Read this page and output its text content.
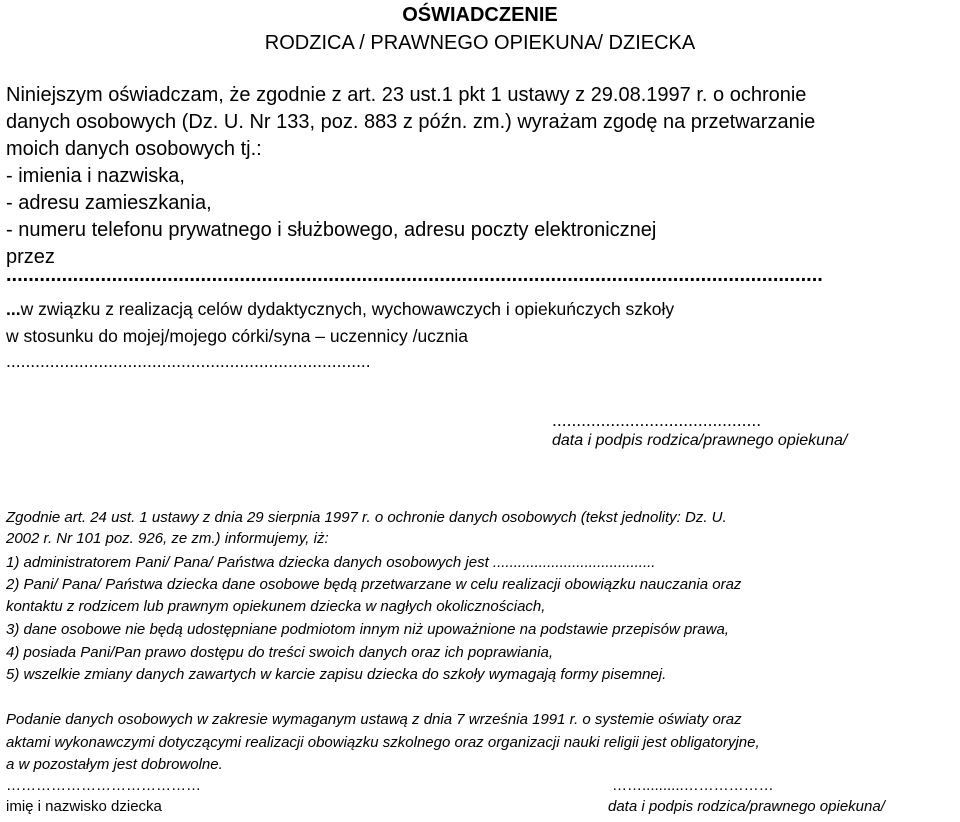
OŚWIADCZENIE
RODZICA / PRAWNEGO OPIEKUNA/ DZIECKA
Niniejszym oświadczam, że zgodnie z art. 23 ust.1 pkt 1 ustawy z 29.08.1997 r. o ochronie
danych osobowych (Dz. U. Nr 133, poz. 883 z późn. zm.) wyrażam zgodę na przetwarzanie
moich danych osobowych tj.:
- imienia i nazwiska,
- adresu zamieszkania,
- numeru telefonu prywatnego i służbowego, adresu poczty elektronicznej
przez
...................................................................................................................................................
...w związku z realizacją celów dydaktycznych, wychowawczych i opiekuńczych szkoły
w stosunku do mojej/mojego córki/syna – uczennicy /ucznia
...........................................................................
...........................................
data i podpis rodzica/prawnego opiekuna/
Zgodnie art. 24 ust. 1 ustawy z dnia 29 sierpnia 1997 r. o ochronie danych osobowych (tekst jednolity: Dz. U.
2002 r. Nr 101 poz. 926, ze zm.) informujemy, iż:
1) administratorem Pani/ Pana/ Państwa dziecka danych osobowych jest .......................................
2) Pani/ Pana/ Państwa dziecka dane osobowe będą przetwarzane w celu realizacji obowiązku nauczania oraz
kontaktu z rodzicem lub prawnym opiekunem dziecka w nagłych okolicznościach,
3) dane osobowe nie będą udostępniane podmiotom innym niż upoważnione na podstawie przepisów prawa,
4) posiada Pani/Pan prawo dostępu do treści swoich danych oraz ich poprawiania,
5) wszelkie zmiany danych zawartych w karcie zapisu dziecka do szkoły wymagają formy pisemnej.
Podanie danych osobowych w zakresie wymaganym ustawą z dnia 7 września 1991 r. o systemie oświaty oraz
aktami wykonawczymi dotyczącymi realizacji obowiązku szkolnego oraz organizacji nauki religii jest obligatoryjne,
a w pozostałym jest dobrowolne.
…………………………………
imię i nazwisko dziecka
……..........………………
data i podpis rodzica/prawnego opiekuna/
